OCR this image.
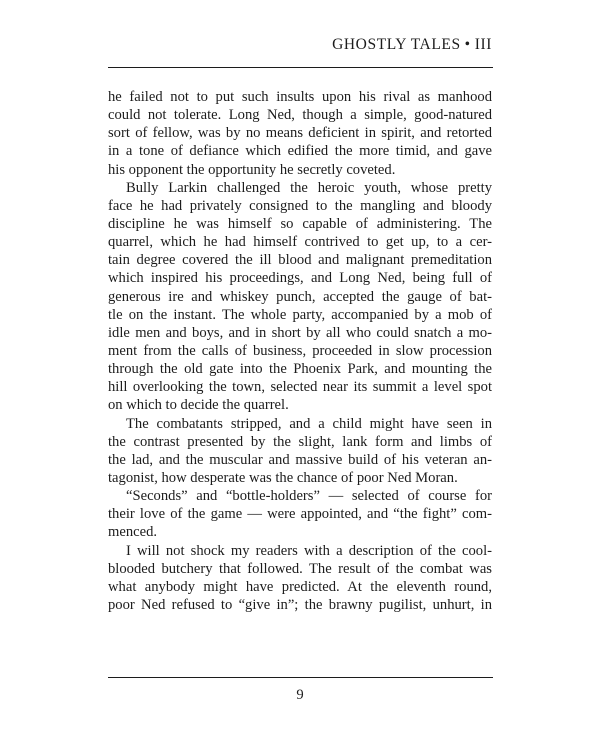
GHOSTLY TALES • III
he failed not to put such insults upon his rival as manhood
could not tolerate. Long Ned, though a simple, good-natured
sort of fellow, was by no means deficient in spirit, and retorted
in a tone of defiance which edified the more timid, and gave
his opponent the opportunity he secretly coveted.
Bully Larkin challenged the heroic youth, whose pretty
face he had privately consigned to the mangling and bloody
discipline he was himself so capable of administering. The
quarrel, which he had himself contrived to get up, to a cer-
tain degree covered the ill blood and malignant premeditation
which inspired his proceedings, and Long Ned, being full of
generous ire and whiskey punch, accepted the gauge of bat-
tle on the instant. The whole party, accompanied by a mob of
idle men and boys, and in short by all who could snatch a mo-
ment from the calls of business, proceeded in slow procession
through the old gate into the Phoenix Park, and mounting the
hill overlooking the town, selected near its summit a level spot
on which to decide the quarrel.
The combatants stripped, and a child might have seen in
the contrast presented by the slight, lank form and limbs of
the lad, and the muscular and massive build of his veteran an-
tagonist, how desperate was the chance of poor Ned Moran.
“Seconds” and “bottle-holders” — selected of course for
their love of the game — were appointed, and “the fight” com-
menced.
I will not shock my readers with a description of the cool-
blooded butchery that followed. The result of the combat was
what anybody might have predicted. At the eleventh round,
poor Ned refused to “give in”; the brawny pugilist, unhurt, in
9
